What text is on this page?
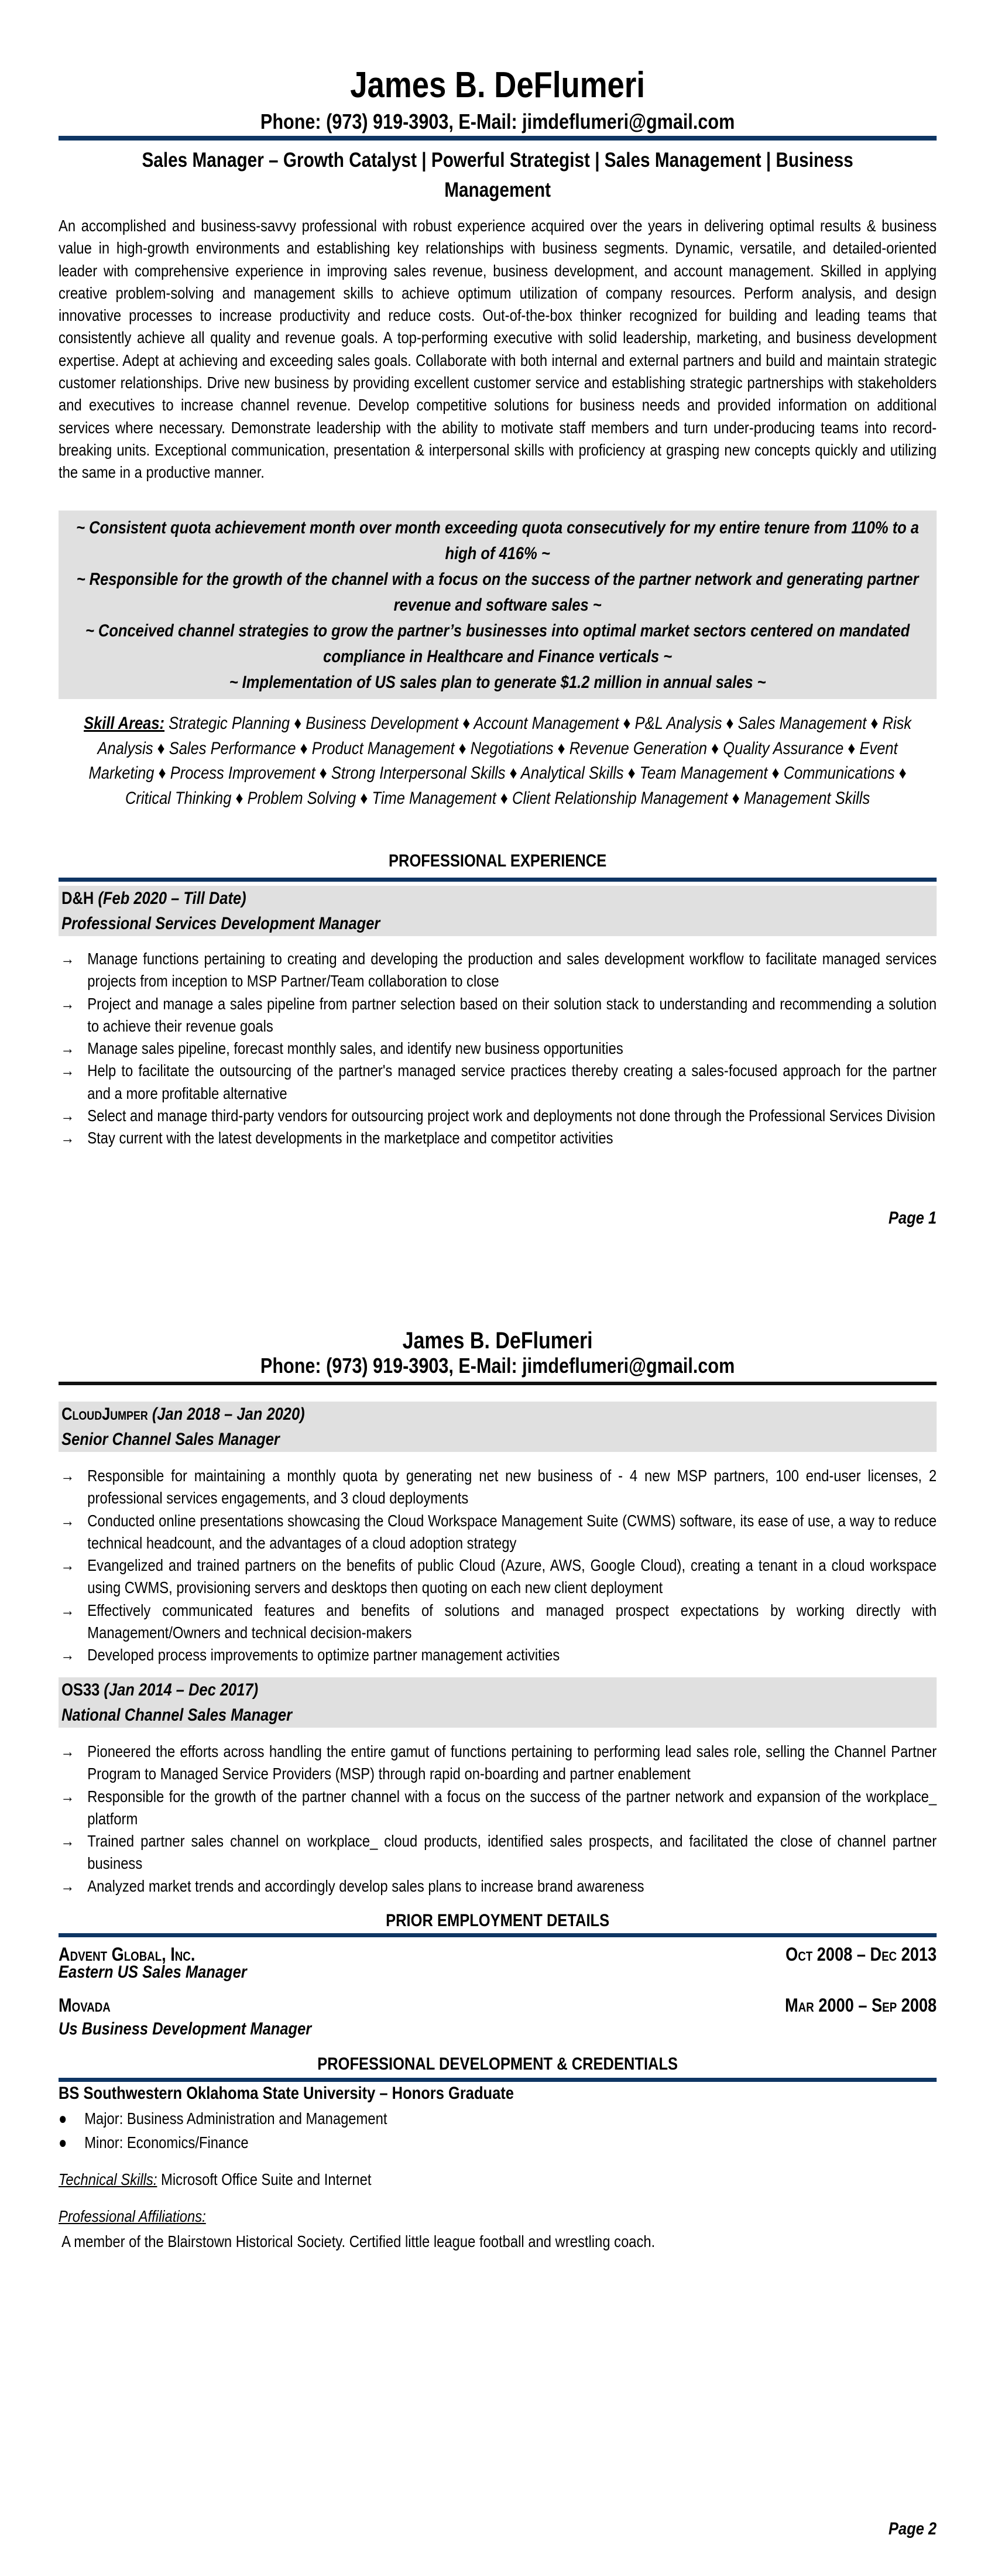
James B. DeFlumeri
Phone: (973) 919-3903, E-Mail: jimdeflumeri@gmail.com
Sales Manager – Growth Catalyst | Powerful Strategist | Sales Management | Business Management
An accomplished and business-savvy professional with robust experience acquired over the years in delivering optimal results & business value in high-growth environments and establishing key relationships with business segments. Dynamic, versatile, and detailed-oriented leader with comprehensive experience in improving sales revenue, business development, and account management. Skilled in applying creative problem-solving and management skills to achieve optimum utilization of company resources. Perform analysis, and design innovative processes to increase productivity and reduce costs. Out-of-the-box thinker recognized for building and leading teams that consistently achieve all quality and revenue goals. A top-performing executive with solid leadership, marketing, and business development expertise. Adept at achieving and exceeding sales goals. Collaborate with both internal and external partners and build and maintain strategic customer relationships. Drive new business by providing excellent customer service and establishing strategic partnerships with stakeholders and executives to increase channel revenue. Develop competitive solutions for business needs and provided information on additional services where necessary. Demonstrate leadership with the ability to motivate staff members and turn under-producing teams into record-breaking units. Exceptional communication, presentation & interpersonal skills with proficiency at grasping new concepts quickly and utilizing the same in a productive manner.
~ Consistent quota achievement month over month exceeding quota consecutively for my entire tenure from 110% to a high of 416% ~
~ Responsible for the growth of the channel with a focus on the success of the partner network and generating partner revenue and software sales ~
~ Conceived channel strategies to grow the partner’s businesses into optimal market sectors centered on mandated compliance in Healthcare and Finance verticals ~
~ Implementation of US sales plan to generate $1.2 million in annual sales ~
Skill Areas: Strategic Planning ♦ Business Development ♦ Account Management ♦ P&L Analysis ♦ Sales Management ♦ Risk Analysis ♦ Sales Performance ♦ Product Management ♦ Negotiations ♦ Revenue Generation ♦ Quality Assurance ♦ Event Marketing ♦ Process Improvement ♦ Strong Interpersonal Skills ♦ Analytical Skills ♦ Team Management ♦ Communications ♦ Critical Thinking ♦ Problem Solving ♦ Time Management ♦ Client Relationship Management ♦ Management Skills
PROFESSIONAL EXPERIENCE
D&H (Feb 2020 – Till Date)
Professional Services Development Manager
→ Manage functions pertaining to creating and developing the production and sales development workflow to facilitate managed services projects from inception to MSP Partner/Team collaboration to close
→ Project and manage a sales pipeline from partner selection based on their solution stack to understanding and recommending a solution to achieve their revenue goals
→ Manage sales pipeline, forecast monthly sales, and identify new business opportunities
→ Help to facilitate the outsourcing of the partner's managed service practices thereby creating a sales-focused approach for the partner and a more profitable alternative
→ Select and manage third-party vendors for outsourcing project work and deployments not done through the Professional Services Division
→ Stay current with the latest developments in the marketplace and competitor activities
Page 1
James B. DeFlumeri
Phone: (973) 919-3903, E-Mail: jimdeflumeri@gmail.com
CloudJumper (Jan 2018 – Jan 2020)
Senior Channel Sales Manager
→ Responsible for maintaining a monthly quota by generating net new business of - 4 new MSP partners, 100 end-user licenses, 2 professional services engagements, and 3 cloud deployments
→ Conducted online presentations showcasing the Cloud Workspace Management Suite (CWMS) software, its ease of use, a way to reduce technical headcount, and the advantages of a cloud adoption strategy
→ Evangelized and trained partners on the benefits of public Cloud (Azure, AWS, Google Cloud), creating a tenant in a cloud workspace using CWMS, provisioning servers and desktops then quoting on each new client deployment
→ Effectively communicated features and benefits of solutions and managed prospect expectations by working directly with Management/Owners and technical decision-makers
→ Developed process improvements to optimize partner management activities
OS33 (Jan 2014 – Dec 2017)
National Channel Sales Manager
→ Pioneered the efforts across handling the entire gamut of functions pertaining to performing lead sales role, selling the Channel Partner Program to Managed Service Providers (MSP) through rapid on-boarding and partner enablement
→ Responsible for the growth of the partner channel with a focus on the success of the partner network and expansion of the workplace_ platform
→ Trained partner sales channel on workplace_ cloud products, identified sales prospects, and facilitated the close of channel partner business
→ Analyzed market trends and accordingly develop sales plans to increase brand awareness
PRIOR EMPLOYMENT DETAILS
Advent Global, Inc.	Oct 2008 – Dec 2013
Eastern US Sales Manager
Movada	Mar 2000 – Sep 2008
Us Business Development Manager
PROFESSIONAL DEVELOPMENT & CREDENTIALS
BS Southwestern Oklahoma State University – Honors Graduate
● Major: Business Administration and Management
● Minor: Economics/Finance
Technical Skills: Microsoft Office Suite and Internet
Professional Affiliations:
A member of the Blairstown Historical Society. Certified little league football and wrestling coach.
Page 2
